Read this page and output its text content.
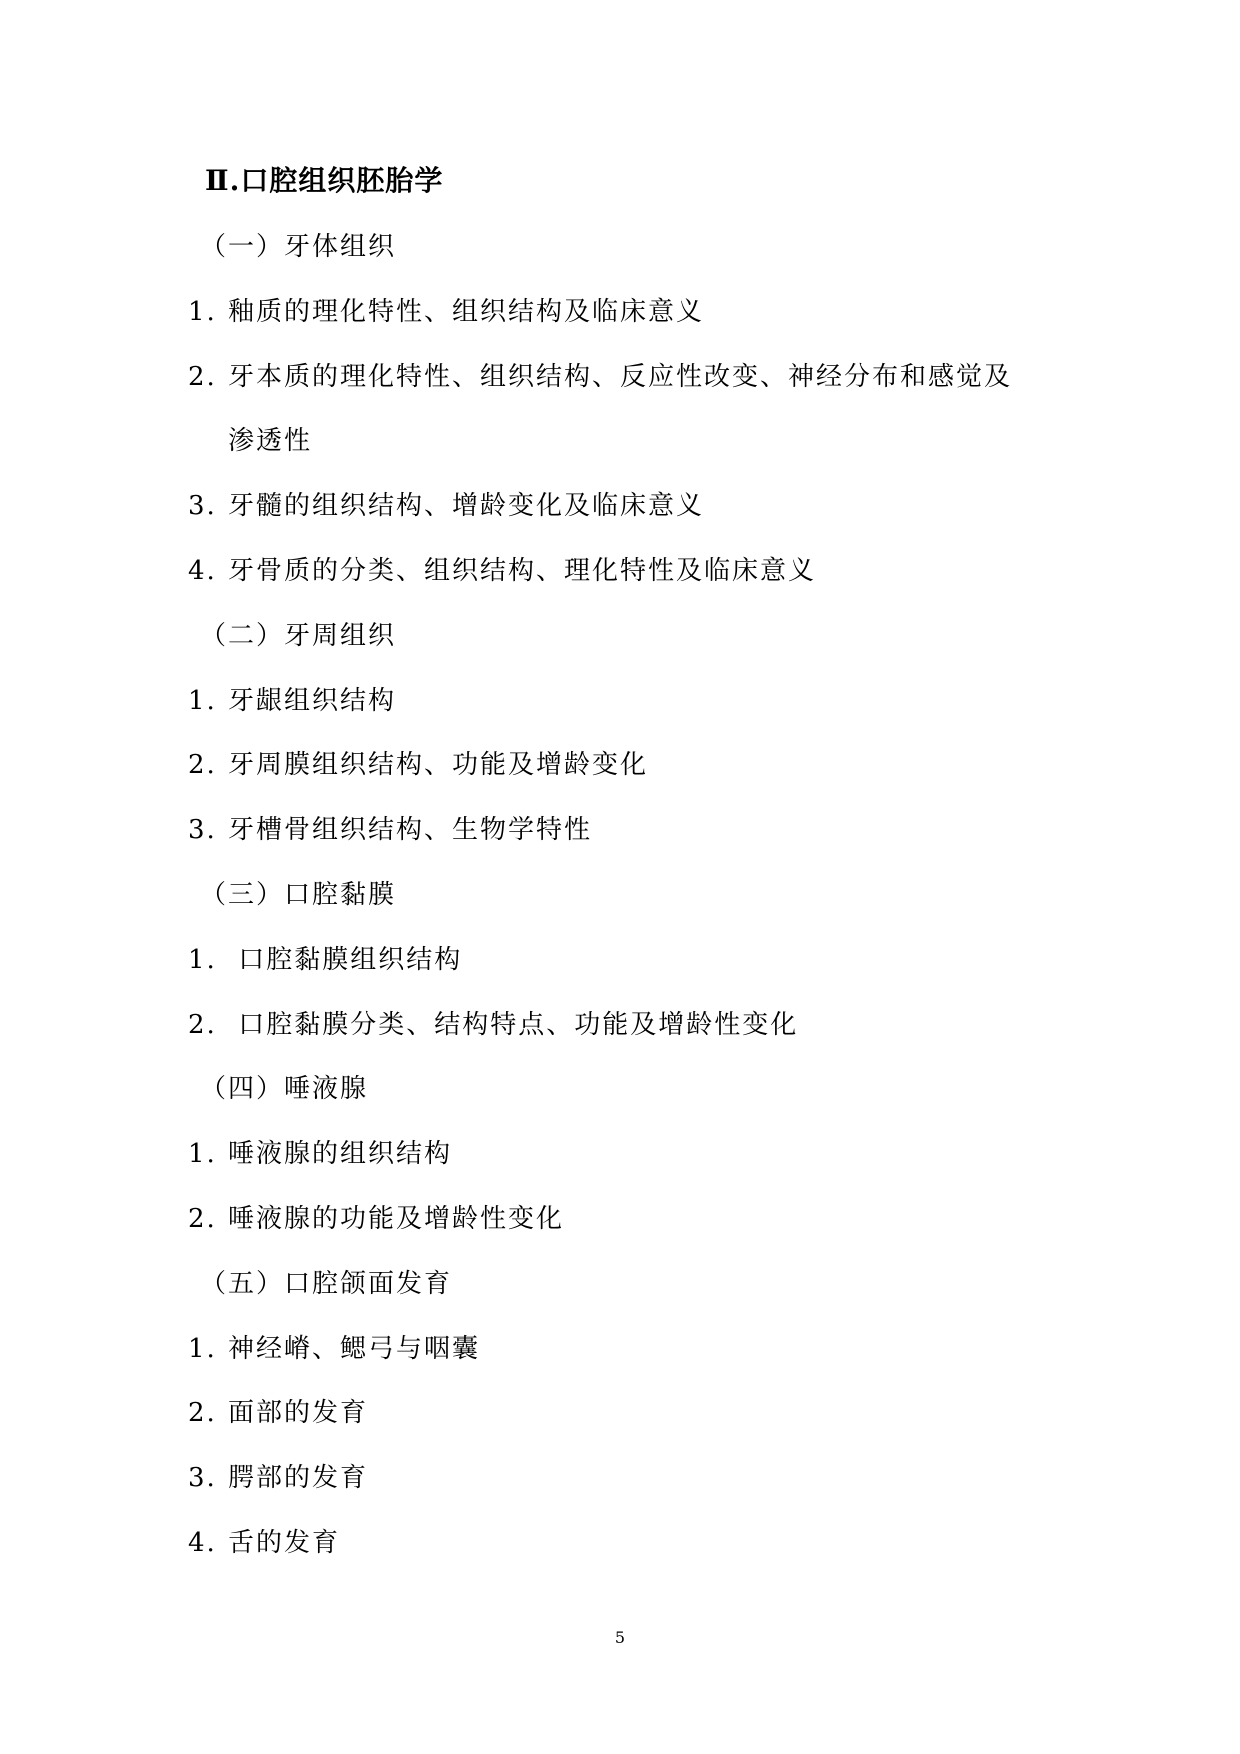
Ⅱ.口腔组织胚胎学
（一）牙体组织
1. 釉质的理化特性、组织结构及临床意义
2. 牙本质的理化特性、组织结构、反应性改变、神经分布和感觉及
渗透性
3. 牙髓的组织结构、增龄变化及临床意义
4. 牙骨质的分类、组织结构、理化特性及临床意义
（二）牙周组织
1. 牙龈组织结构
2. 牙周膜组织结构、功能及增龄变化
3. 牙槽骨组织结构、生物学特性
（三）口腔黏膜
1. 口腔黏膜组织结构
2. 口腔黏膜分类、结构特点、功能及增龄性变化
（四）唾液腺
1. 唾液腺的组织结构
2. 唾液腺的功能及增龄性变化
（五）口腔颌面发育
1. 神经嵴、鳃弓与咽囊
2. 面部的发育
3. 腭部的发育
4. 舌的发育
5
